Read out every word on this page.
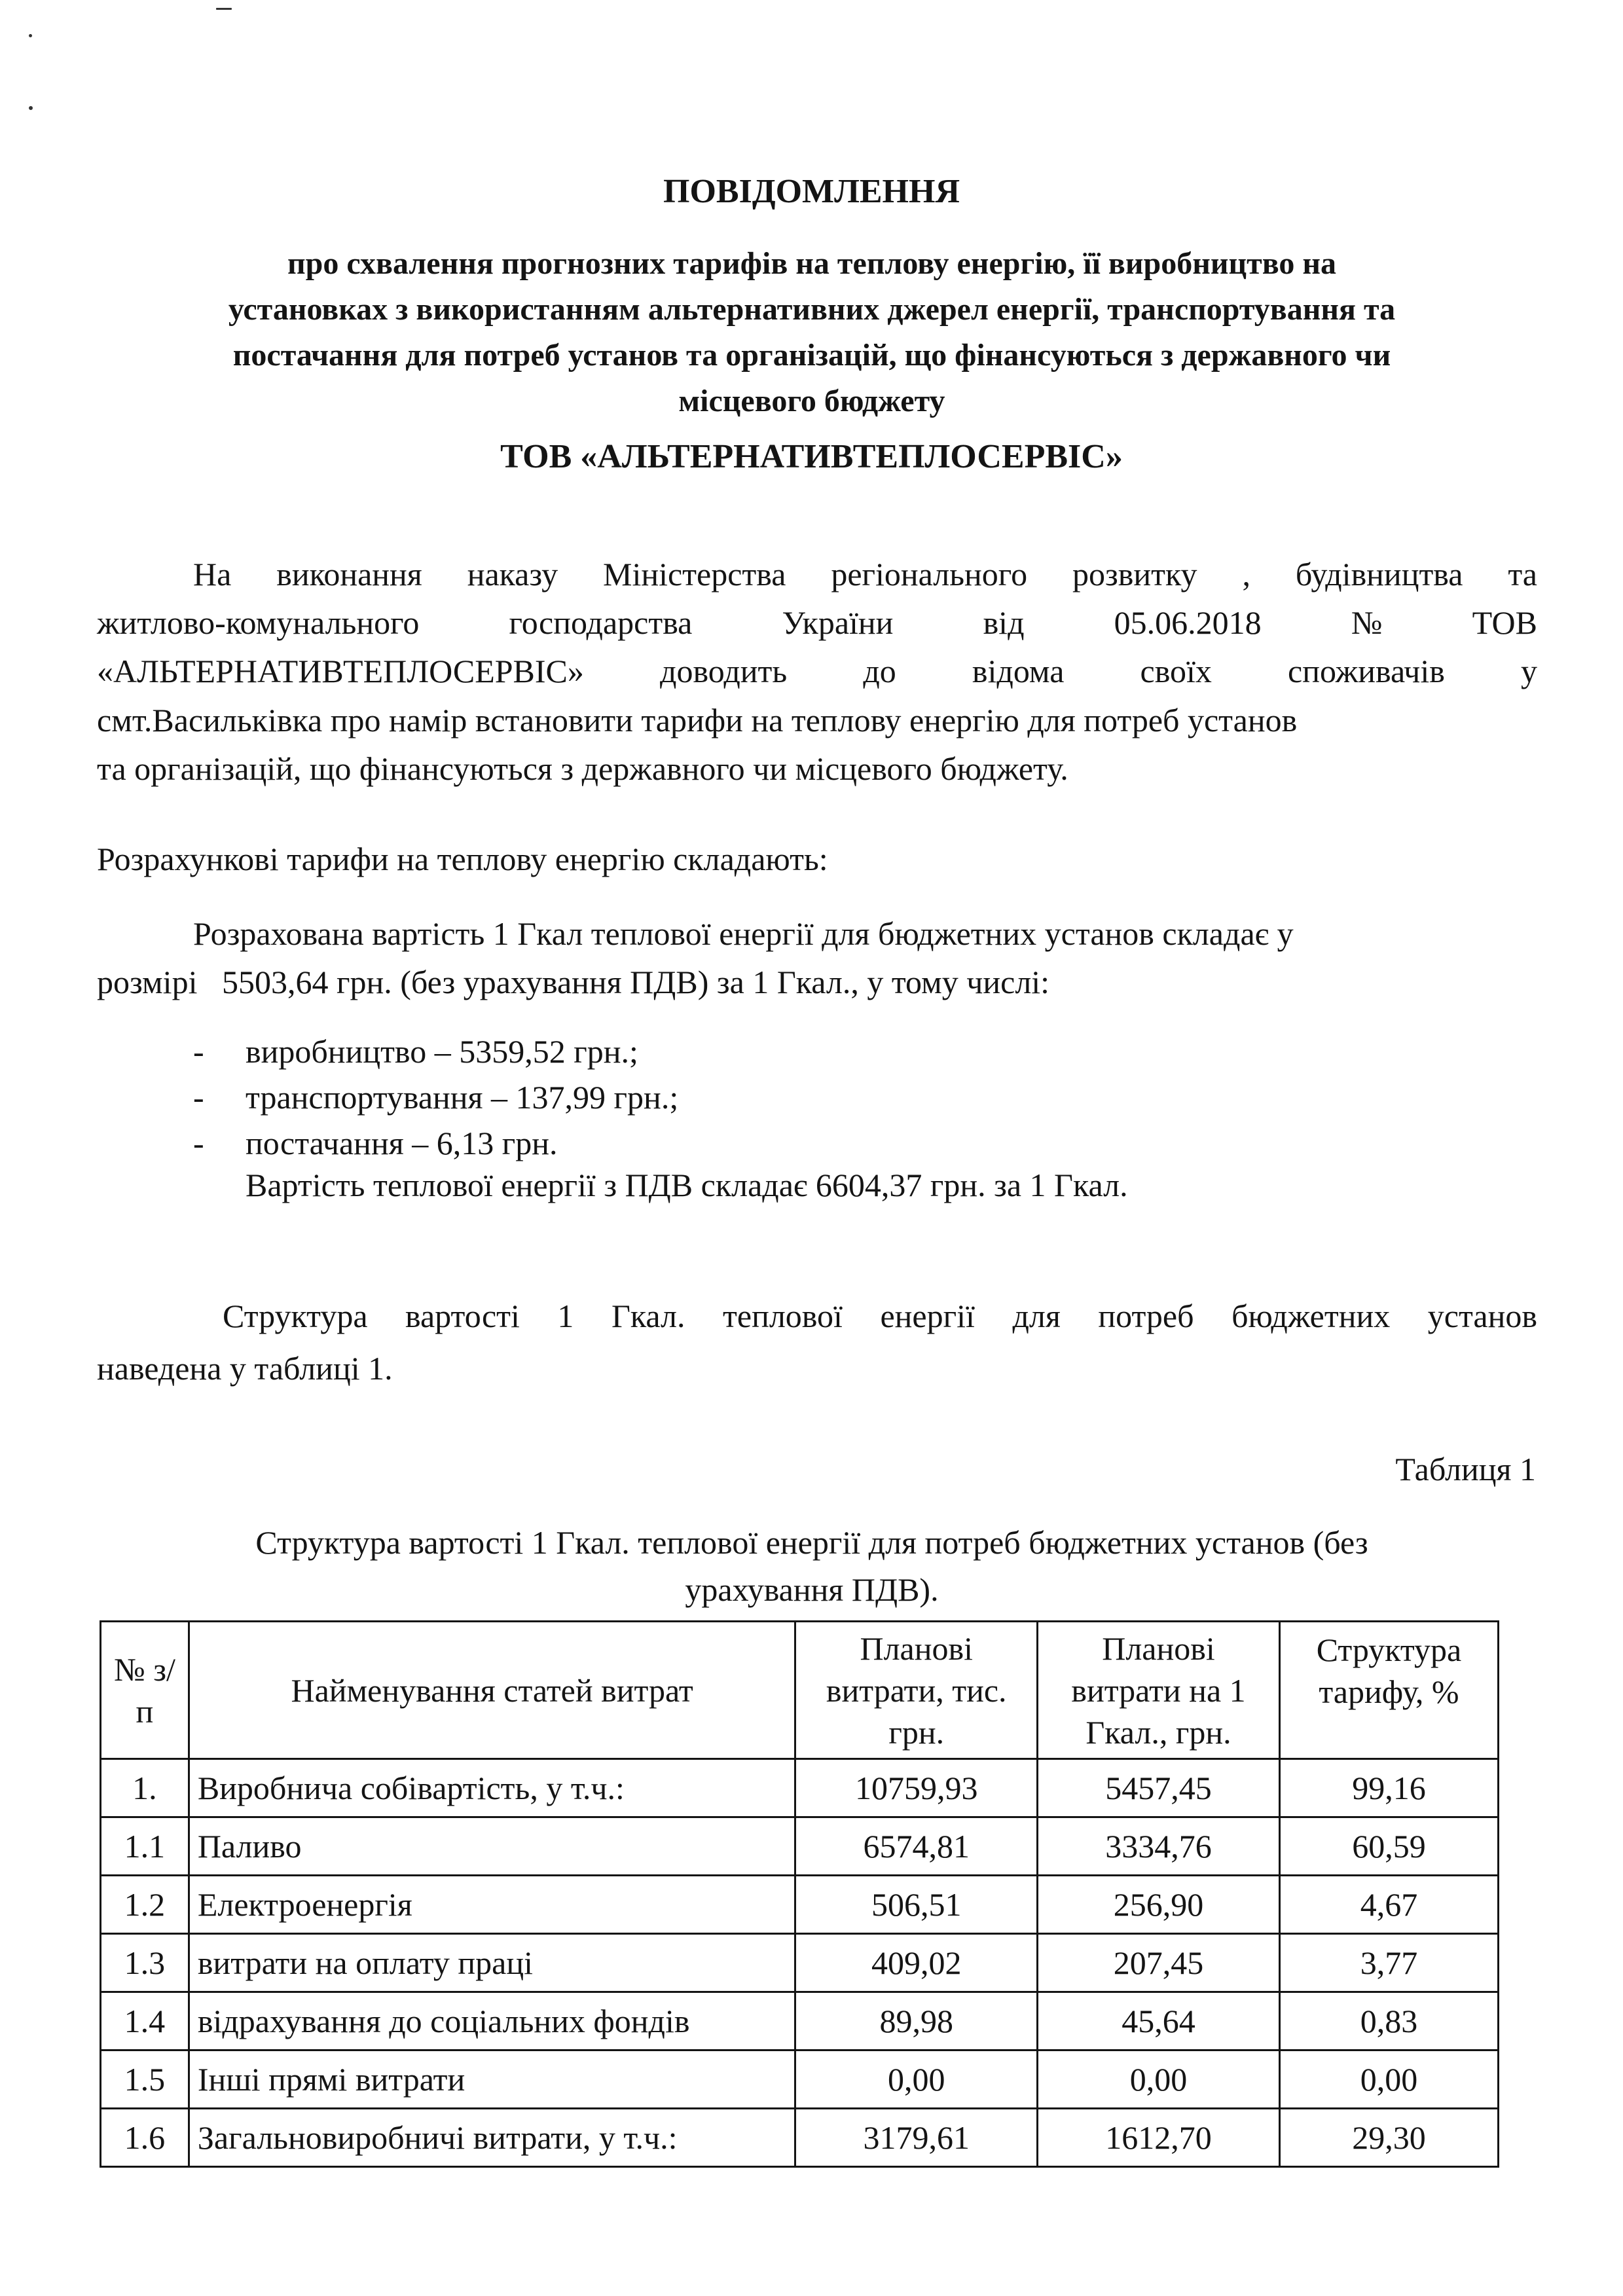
ПОВІДОМЛЕННЯ
про схвалення прогнозних тарифів на теплову енергію, її виробництво на
установках з використанням альтернативних джерел енергії, транспортування та
постачання для потреб установ та організацій, що фінансуються з державного чи
місцевого бюджету
ТОВ «АЛЬТЕРНАТИВТЕПЛОСЕРВІС»
На виконання наказу Міністерства регіонального розвитку , будівництва та
житлово-комунального	господарства	України	від	05.06.2018	№	ТОВ
«АЛЬТЕРНАТИВТЕПЛОСЕРВІС» доводить до відома своїх споживачів у
смт.Васильківка про намір встановити тарифи на теплову енергію для потреб установ
та організацій, що фінансуються з державного чи місцевого бюджету.
Розрахункові тарифи на теплову енергію складають:
Розрахована вартість 1 Гкал теплової енергії для бюджетних установ складає у
розмірі   5503,64 грн. (без урахування ПДВ) за 1 Гкал., у тому числі:
- виробництво – 5359,52 грн.;
- транспортування – 137,99 грн.;
- постачання – 6,13 грн.
Вартість теплової енергії з ПДВ складає 6604,37 грн. за 1 Гкал.
Структура вартості 1 Гкал. теплової енергії для потреб бюджетних установ
наведена у таблиці 1.
Таблиця 1
Структура вартості 1 Гкал. теплової енергії для потреб бюджетних установ (без
урахування ПДВ).
№ з/п	Найменування статей витрат	Планові витрати, тис. грн.	Планові витрати на 1 Гкал., грн.	Структура тарифу, %
1.	Виробнича собівартість, у т.ч.:	10759,93	5457,45	99,16
1.1	Паливо	6574,81	3334,76	60,59
1.2	Електроенергія	506,51	256,90	4,67
1.3	витрати на оплату праці	409,02	207,45	3,77
1.4	відрахування до соціальних фондів	89,98	45,64	0,83
1.5	Інші прямі витрати	0,00	0,00	0,00
1.6	Загальновиробничі витрати, у т.ч.:	3179,61	1612,70	29,30
